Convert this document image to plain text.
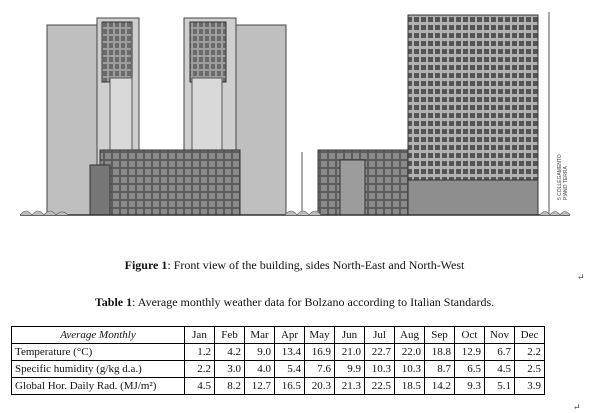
5 COLLEGAMENTO PIANO TERRA
Figure 1: Front view of the building, sides North-East and North-West
↵
Table 1: Average monthly weather data for Bolzano according to Italian Standards.
Average Monthly	Jan	Feb	Mar	Apr	May	Jun	Jul	Aug	Sep	Oct	Nov	Dec
Temperature (°C)	1.2	4.2	9.0	13.4	16.9	21.0	22.7	22.0	18.8	12.9	6.7	2.2
Specific humidity (g/kg d.a.)	2.2	3.0	4.0	5.4	7.6	9.9	10.3	10.3	8.7	6.5	4.5	2.5
Global Hor. Daily Rad. (MJ/m²)	4.5	8.2	12.7	16.5	20.3	21.3	22.5	18.5	14.2	9.3	5.1	3.9
↵
